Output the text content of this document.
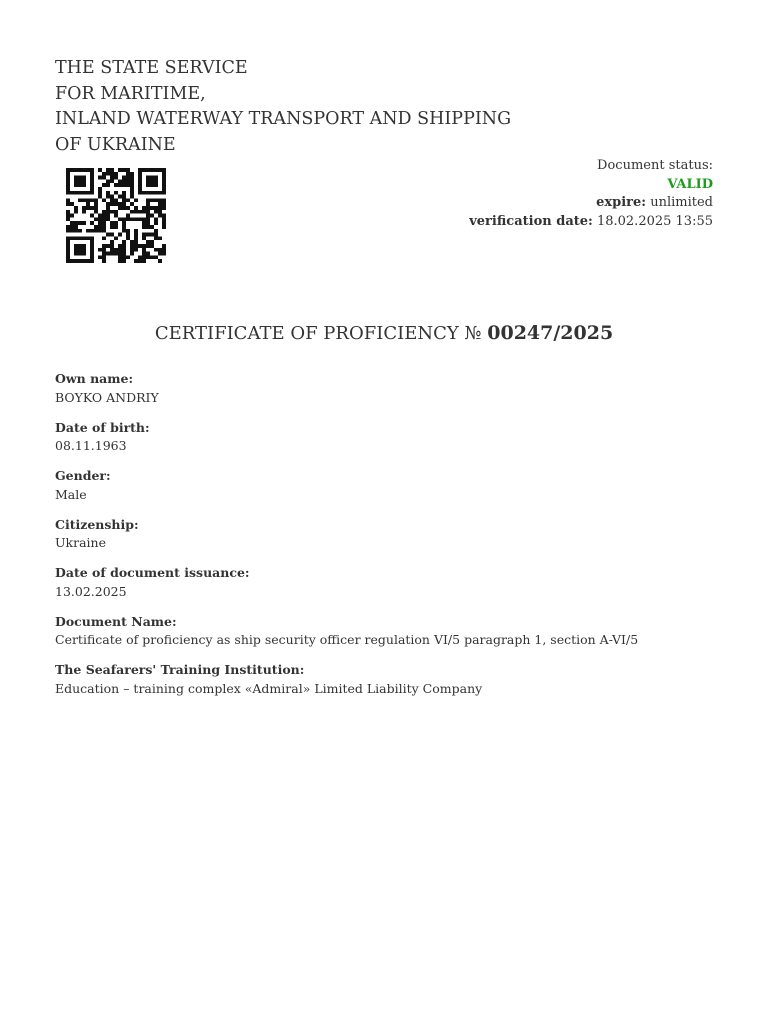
THE STATE SERVICE
FOR MARITIME,
INLAND WATERWAY TRANSPORT AND SHIPPING
OF UKRAINE
Document status:
VALID
expire: unlimited
verification date: 18.02.2025 13:55
CERTIFICATE OF PROFICIENCY № 00247/2025
Own name:
BOYKO ANDRIY
Date of birth:
08.11.1963
Gender:
Male
Citizenship:
Ukraine
Date of document issuance:
13.02.2025
Document Name:
Certificate of proficiency as ship security officer regulation VI/5 paragraph 1, section A-VI/5
The Seafarers' Training Institution:
Education – training complex «Admiral» Limited Liability Company
